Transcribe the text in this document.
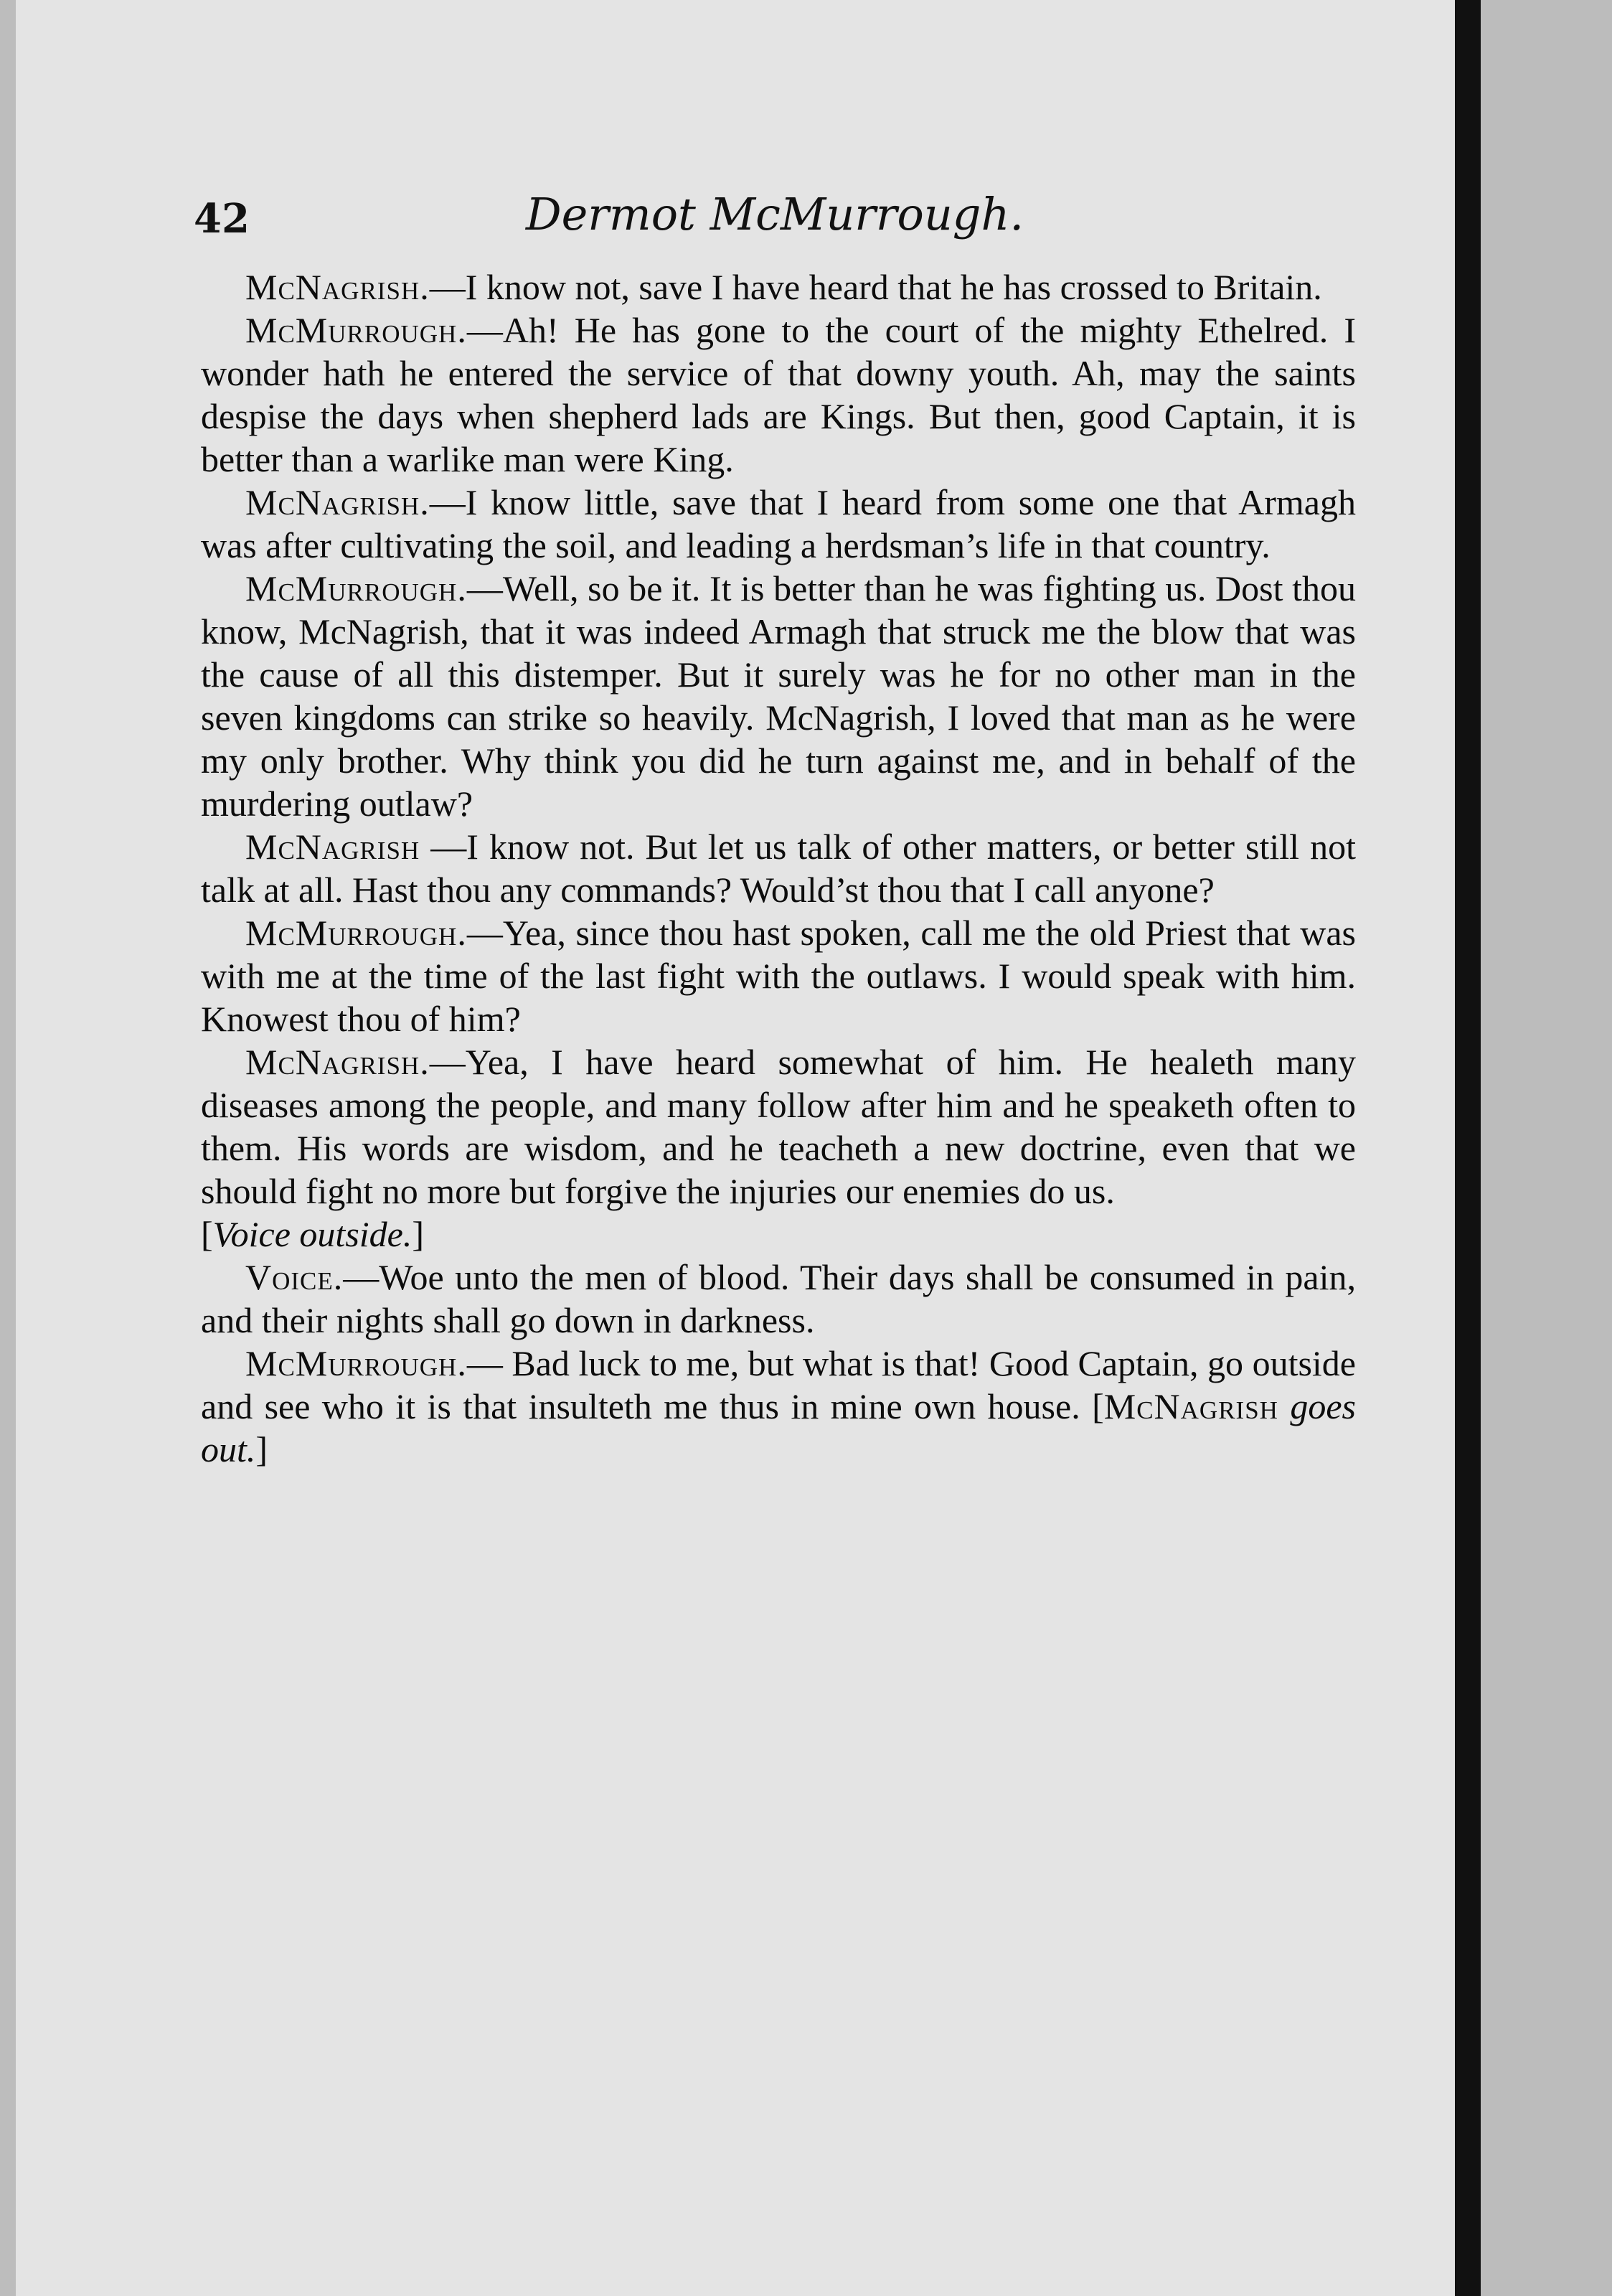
42	Dermot McMurrough.

McNagrish.—I know not, save I have heard that he has crossed to Britain.

McMurrough.—Ah! He has gone to the court of the mighty Ethelred. I wonder hath he entered the service of that downy youth. Ah, may the saints despise the days when shepherd lads are Kings. But then, good Captain, it is better than a warlike man were King.

McNagrish.—I know little, save that I heard from some one that Armagh was after cultivating the soil, and leading a herdsman’s life in that country.

McMurrough.—Well, so be it. It is better than he was fighting us. Dost thou know, McNagrish, that it was indeed Armagh that struck me the blow that was the cause of all this distemper. But it surely was he for no other man in the seven kingdoms can strike so heavily. McNagrish, I loved that man as he were my only brother. Why think you did he turn against me, and in behalf of the murdering outlaw?

McNagrish —I know not. But let us talk of other matters, or better still not talk at all. Hast thou any commands? Would’st thou that I call anyone?

McMurrough.—Yea, since thou hast spoken, call me the old Priest that was with me at the time of the last fight with the outlaws. I would speak with him. Knowest thou of him?

McNagrish.—Yea, I have heard somewhat of him. He healeth many diseases among the people, and many follow after him and he speaketh often to them. His words are wisdom, and he teacheth a new doctrine, even that we should fight no more but forgive the injuries our enemies do us.

[Voice outside.]

Voice.—Woe unto the men of blood. Their days shall be consumed in pain, and their nights shall go down in darkness.

McMurrough.— Bad luck to me, but what is that! Good Captain, go outside and see who it is that insulteth me thus in mine own house. [McNagrish goes out.]
